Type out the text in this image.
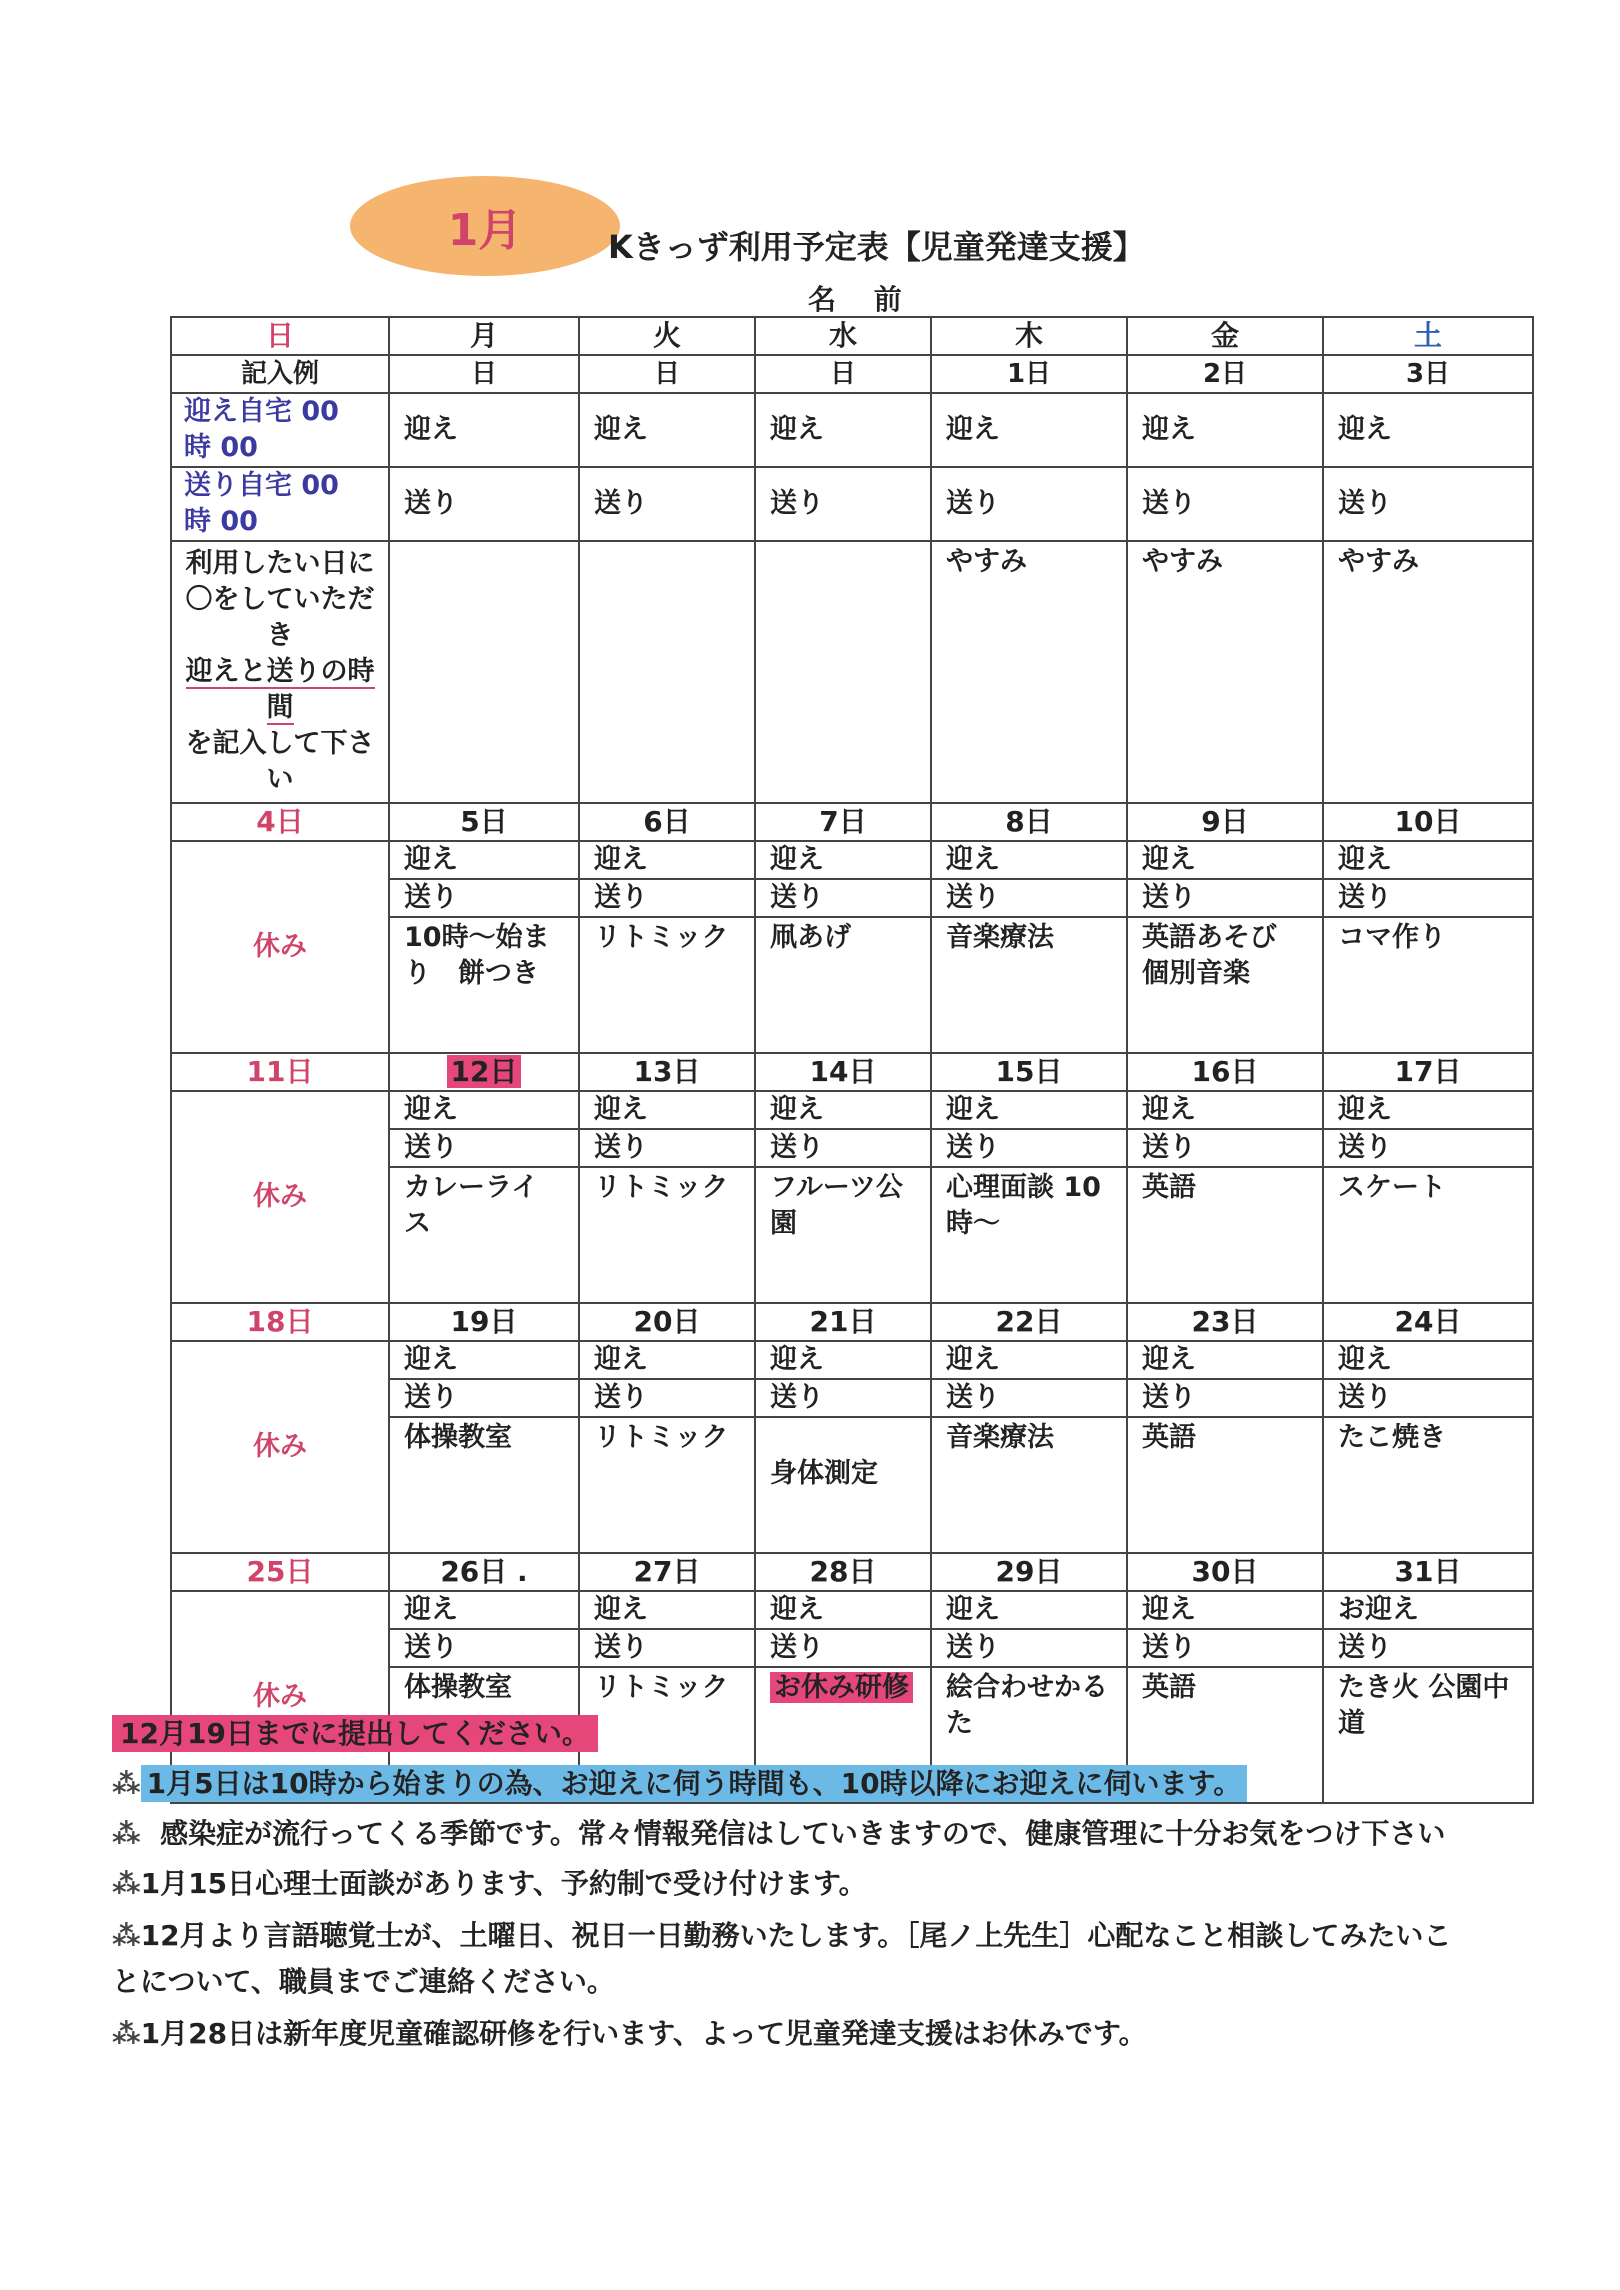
1月	Kきっず利用予定表【児童発達支援】
名 前
日	月	火	水	木	金	土
記入例	日	日	日	1日	2日	3日
迎え自宅 00 時 00	迎え	迎え	迎え	迎え	迎え	迎え
送り自宅 00 時 00	送り	送り	送り	送り	送り	送り

利用したい日に
〇をしていただき
迎えと送りの時間
を記入して下さい				やすみ	やすみ	やすみ
4日	5日	6日	7日	8日	9日	10日
休み	迎え	迎え	迎え	迎え	迎え	迎え
	送り	送り	送り	送り	送り	送り
	10時～始まり　餅つき	リトミック	凧あげ	音楽療法	英語あそび 個別音楽	コマ作り
11日	12日	13日	14日	15日	16日	17日
休み	迎え	迎え	迎え	迎え	迎え	迎え
	送り	送り	送り	送り	送り	送り
	カレーライス	リトミック	フルーツ公園	心理面談 10時～	英語	スケート
18日	19日	20日	21日	22日	23日	24日
休み	迎え	迎え	迎え	迎え	迎え	迎え
	送り	送り	送り	送り	送り	送り
	体操教室	リトミック	身体測定	音楽療法	英語	たこ焼き
25日	26日 .	27日	28日	29日	30日	31日
休み	迎え	迎え	迎え	迎え	迎え	お迎え
	送り	送り	送り	送り	送り	送り
	体操教室	リトミック	お休み研修	絵合わせかるた	英語	たき火 公園中道
12月19日までに提出してください。
⁂ 1月5日は10時から始まりの為、お迎えに伺う時間も、10時以降にお迎えに伺います。
⁂ 感染症が流行ってくる季節です。常々情報発信はしていきますので、健康管理に十分お気をつけ下さい
⁂1月15日心理士面談があります、予約制で受け付けます。
⁂12月より言語聴覚士が、土曜日、祝日一日勤務いたします。［尾ノ上先生］心配なこと相談してみたいこ
とについて、職員までご連絡ください。
⁂1月28日は新年度児童確認研修を行います、よって児童発達支援はお休みです。
